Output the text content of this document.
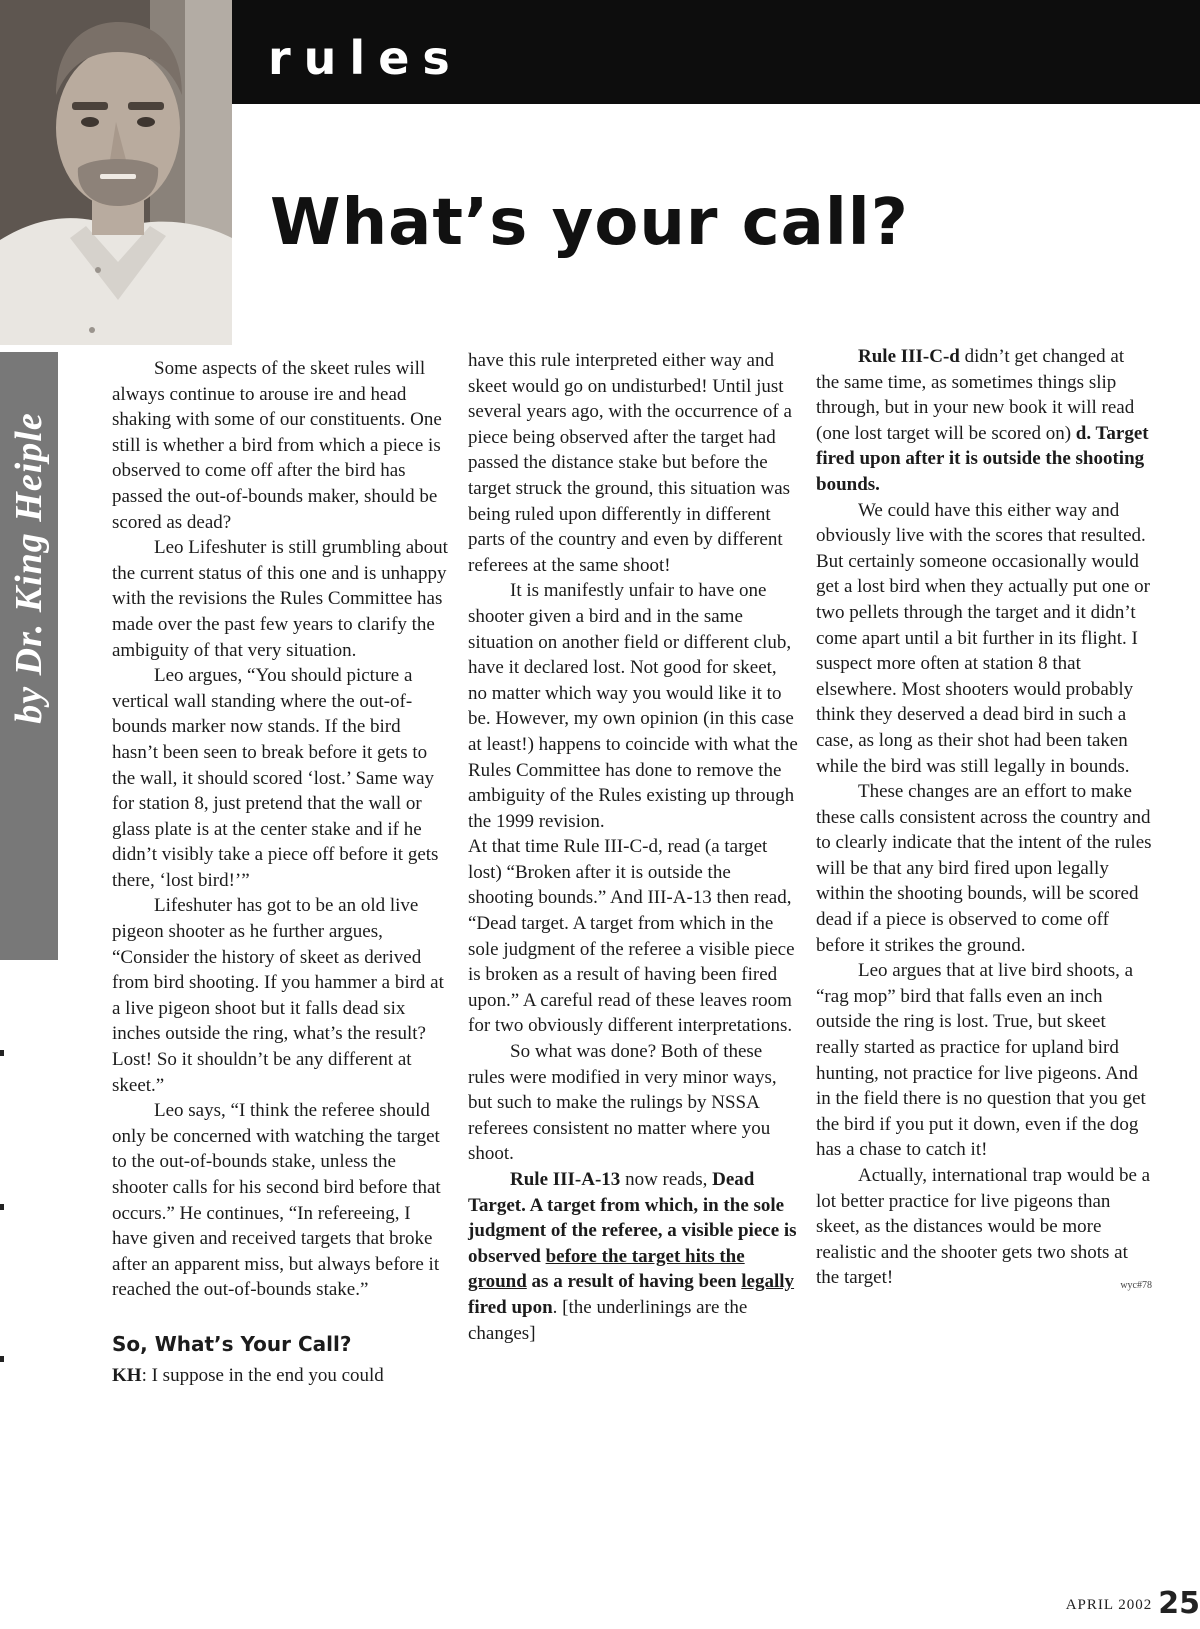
rules
What’s your call?
by Dr. King Heiple

Some aspects of the skeet rules will always continue to arouse ire and head shaking with some of our constituents. One still is whether a bird from which a piece is observed to come off after the bird has passed the out-of-bounds maker, should be scored as dead?

Leo Lifeshuter is still grumbling about the current status of this one and is unhappy with the revisions the Rules Committee has made over the past few years to clarify the ambiguity of that very situation.

Leo argues, “You should picture a vertical wall standing where the out-of-bounds marker now stands. If the bird hasn’t been seen to break before it gets to the wall, it should scored ‘lost.’ Same way for station 8, just pretend that the wall or glass plate is at the center stake and if he didn’t visibly take a piece off before it gets there, ‘lost bird!’”

Lifeshuter has got to be an old live pigeon shooter as he further argues, “Consider the history of skeet as derived from bird shooting. If you hammer a bird at a live pigeon shoot but it falls dead six inches outside the ring, what’s the result? Lost! So it shouldn’t be any different at skeet.”

Leo says, “I think the referee should only be concerned with watching the target to the out-of-bounds stake, unless the shooter calls for his second bird before that occurs.” He continues, “In refereeing, I have given and received targets that broke after an apparent miss, but always before it reached the out-of-bounds stake.”

So, What’s Your Call?

KH: I suppose in the end you could

have this rule interpreted either way and skeet would go on undisturbed! Until just several years ago, with the occurrence of a piece being observed after the target had passed the distance stake but before the target struck the ground, this situation was being ruled upon differently in different parts of the country and even by different referees at the same shoot!

It is manifestly unfair to have one shooter given a bird and in the same situation on another field or different club, have it declared lost. Not good for skeet, no matter which way you would like it to be. However, my own opinion (in this case at least!) happens to coincide with what the Rules Committee has done to remove the ambiguity of the Rules existing up through the 1999 revision.

At that time Rule III-C-d, read (a target lost) “Broken after it is outside the shooting bounds.” And III-A-13 then read, “Dead target. A target from which in the sole judgment of the referee a visible piece is broken as a result of having been fired upon.” A careful read of these leaves room for two obviously different interpretations.

So what was done? Both of these rules were modified in very minor ways, but such to make the rulings by NSSA referees consistent no matter where you shoot.

Rule III-A-13 now reads, Dead Target. A target from which, in the sole judgment of the referee, a visible piece is observed before the target hits the ground as a result of having been legally fired upon. [the underlinings are the changes]

Rule III-C-d didn’t get changed at the same time, as sometimes things slip through, but in your new book it will read (one lost target will be scored on) d. Target fired upon after it is outside the shooting bounds.

We could have this either way and obviously live with the scores that resulted. But certainly someone occasionally would get a lost bird when they actually put one or two pellets through the target and it didn’t come apart until a bit further in its flight. I suspect more often at station 8 that elsewhere. Most shooters would probably think they deserved a dead bird in such a case, as long as their shot had been taken while the bird was still legally in bounds.

These changes are an effort to make these calls consistent across the country and to clearly indicate that the intent of the rules will be that any bird fired upon legally within the shooting bounds, will be scored dead if a piece is observed to come off before it strikes the ground.

Leo argues that at live bird shoots, a “rag mop” bird that falls even an inch outside the ring is lost. True, but skeet really started as practice for upland bird hunting, not practice for live pigeons. And in the field there is no question that you get the bird if you put it down, even if the dog has a chase to catch it!

Actually, international trap would be a lot better practice for live pigeons than skeet, as the distances would be more realistic and the shooter gets two shots at the target!	wyc#78

APRIL 2002 25
